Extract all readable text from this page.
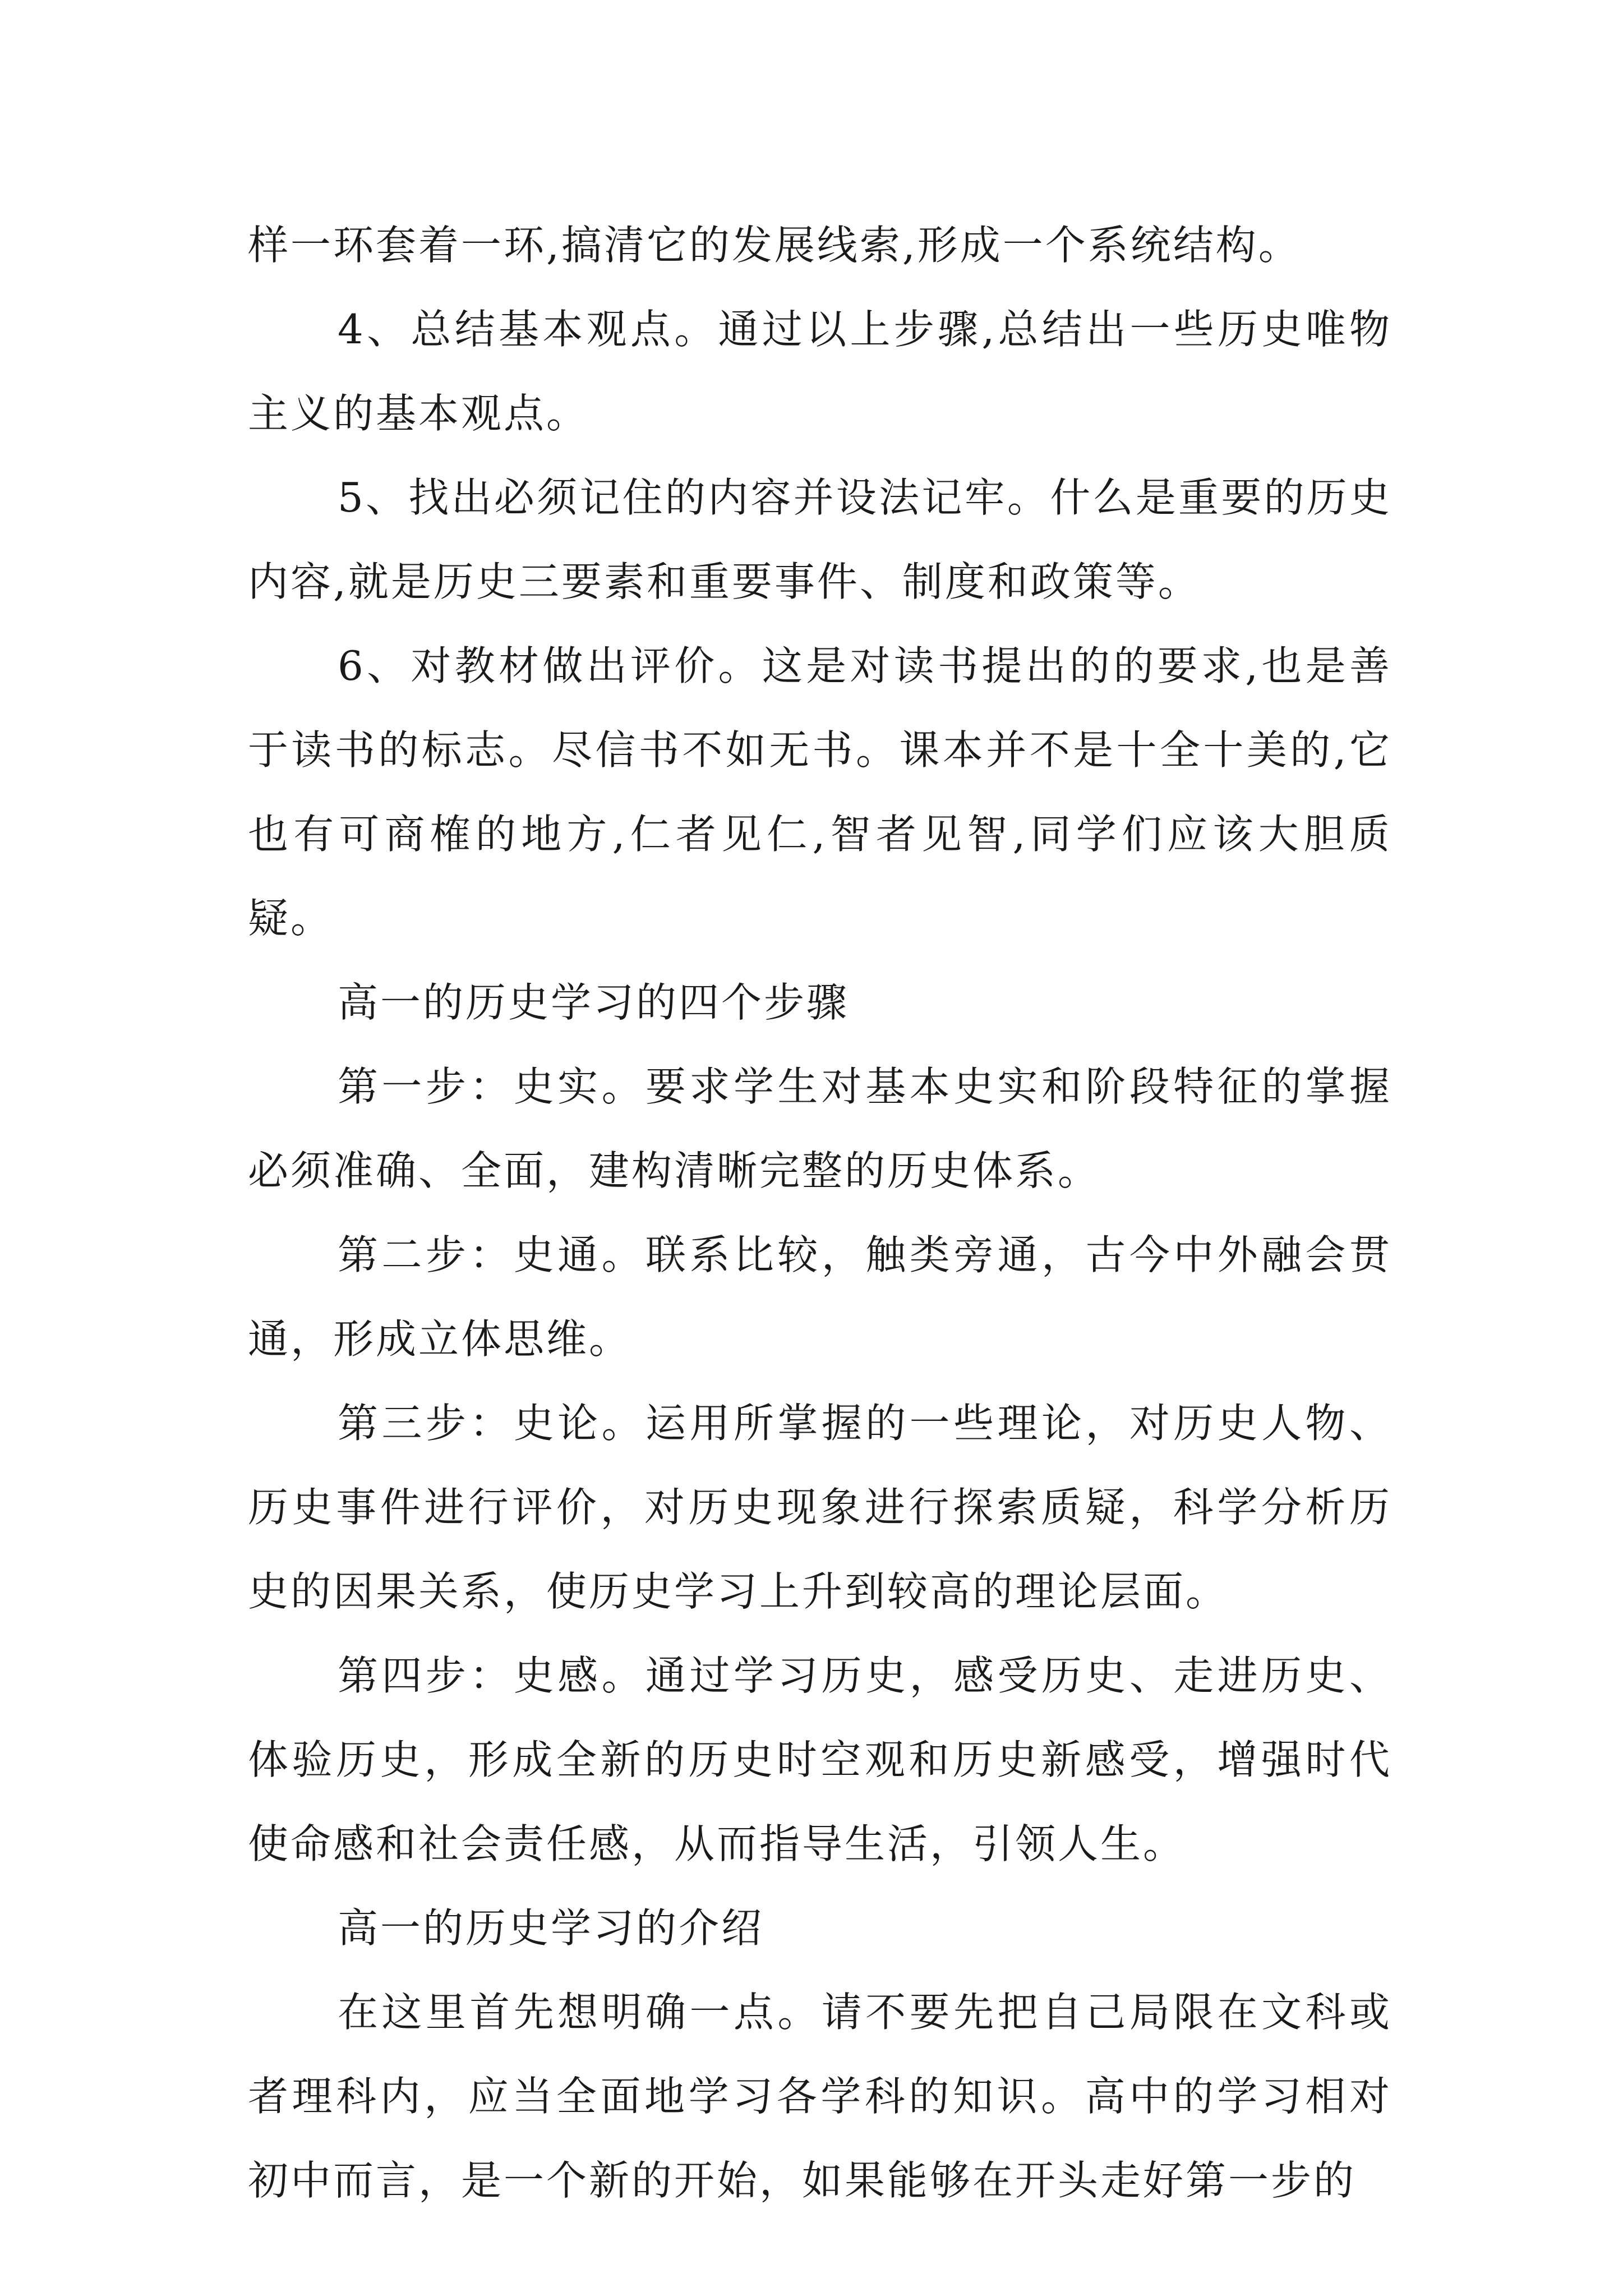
样一环套着一环,搞清它的发展线索,形成一个系统结构。

4、总结基本观点。通过以上步骤,总结出一些历史唯物主义的基本观点。

5、找出必须记住的内容并设法记牢。什么是重要的历史内容,就是历史三要素和重要事件、制度和政策等。

6、对教材做出评价。这是对读书提出的的要求,也是善于读书的标志。尽信书不如无书。课本并不是十全十美的,它也有可商榷的地方,仁者见仁,智者见智,同学们应该大胆质疑。

高一的历史学习的四个步骤

第一步：史实。要求学生对基本史实和阶段特征的掌握必须准确、全面，建构清晰完整的历史体系。

第二步：史通。联系比较，触类旁通，古今中外融会贯通，形成立体思维。

第三步：史论。运用所掌握的一些理论，对历史人物、历史事件进行评价，对历史现象进行探索质疑，科学分析历史的因果关系，使历史学习上升到较高的理论层面。

第四步：史感。通过学习历史，感受历史、走进历史、体验历史，形成全新的历史时空观和历史新感受，增强时代使命感和社会责任感，从而指导生活，引领人生。

高一的历史学习的介绍

在这里首先想明确一点。请不要先把自己局限在文科或者理科内，应当全面地学习各学科的知识。高中的学习相对初中而言，是一个新的开始，如果能够在开头走好第一步的
